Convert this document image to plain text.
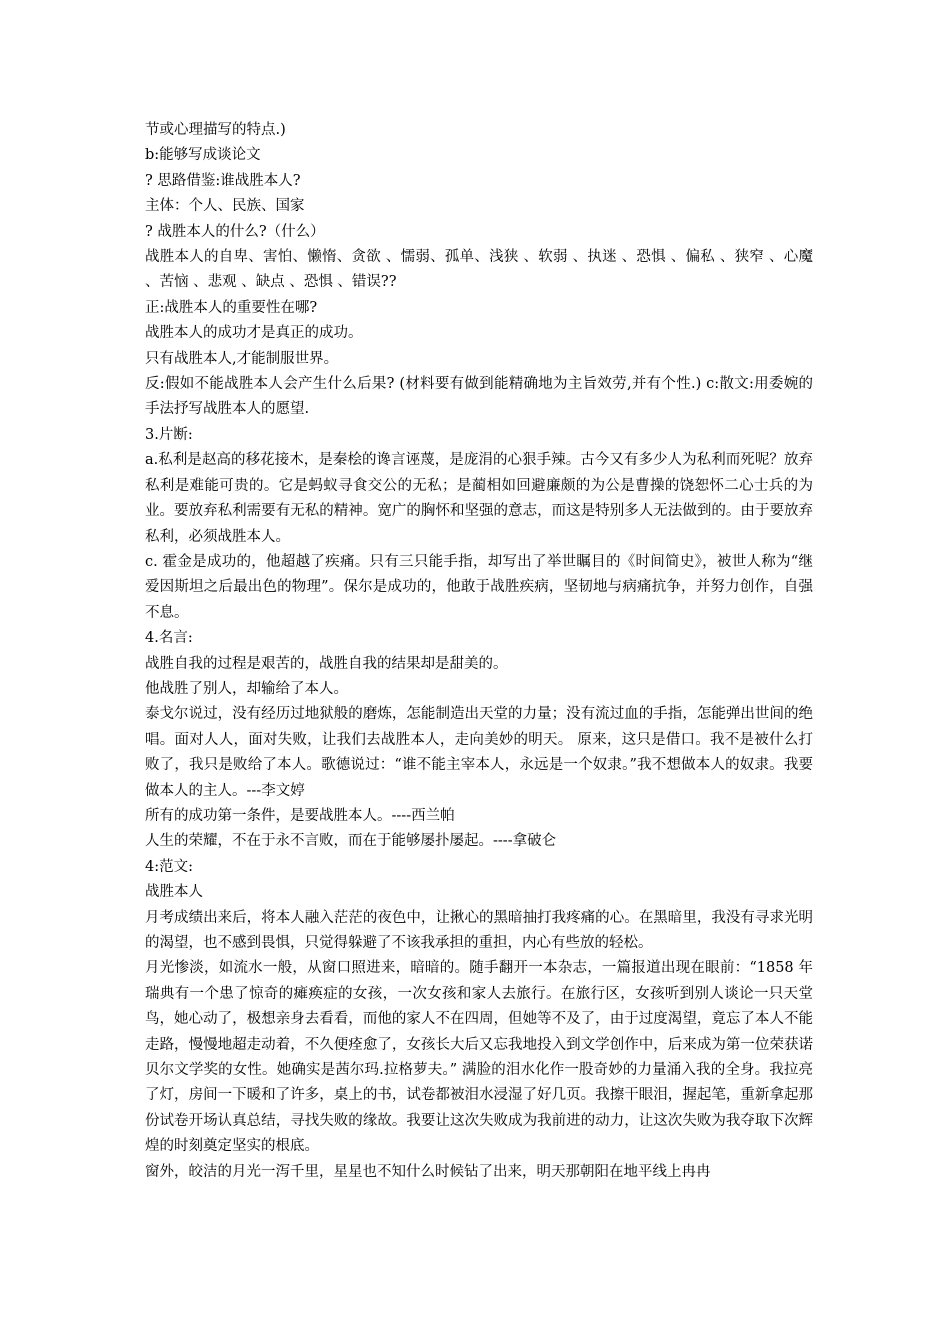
节或心理描写的特点.)

b:能够写成谈论文

? 思路借鉴:谁战胜本人?

主体：个人、民族、国家

? 战胜本人的什么?（什么）

战胜本人的自卑、害怕、懒惰、贪欲 、懦弱、孤单、浅狭 、软弱 、执迷 、恐惧 、偏私 、狭窄 、心魔 、苦恼 、悲观 、缺点 、恐惧 、错误??

正:战胜本人的重要性在哪?

战胜本人的成功才是真正的成功。

只有战胜本人,才能制服世界。

反:假如不能战胜本人会产生什么后果? (材料要有做到能精确地为主旨效劳,并有个性.) c:散文:用委婉的手法抒写战胜本人的愿望.

3.片断:

a.私利是赵高的移花接木，是秦桧的谗言诬蔑，是庞涓的心狠手辣。古今又有多少人为私利而死呢？放弃私利是难能可贵的。它是蚂蚁寻食交公的无私；是蔺相如回避廉颇的为公是曹操的饶恕怀二心士兵的为业。要放弃私利需要有无私的精神。宽广的胸怀和坚强的意志，而这是特别多人无法做到的。由于要放弃私利，必须战胜本人。

c. 霍金是成功的，他超越了疾痛。只有三只能手指，却写出了举世瞩目的《时间简史》，被世人称为“继爱因斯坦之后最出色的物理”。保尔是成功的，他敢于战胜疾病，坚韧地与病痛抗争，并努力创作，自强不息。

4.名言:

战胜自我的过程是艰苦的，战胜自我的结果却是甜美的。

他战胜了别人，却输给了本人。

泰戈尔说过，没有经历过地狱般的磨炼，怎能制造出天堂的力量；没有流过血的手指，怎能弹出世间的绝唱。面对人人，面对失败，让我们去战胜本人，走向美妙的明天。 原来，这只是借口。我不是被什么打败了，我只是败给了本人。歌德说过：“谁不能主宰本人，永远是一个奴隶。”我不想做本人的奴隶。我要做本人的主人。---李文婷

所有的成功第一条件，是要战胜本人。----西兰帕

人生的荣耀，不在于永不言败，而在于能够屡扑屡起。----拿破仑

4:范文:

战胜本人

月考成绩出来后，将本人融入茫茫的夜色中，让揪心的黑暗抽打我疼痛的心。在黑暗里，我没有寻求光明的渴望，也不感到畏惧，只觉得躲避了不该我承担的重担，内心有些放的轻松。

月光惨淡，如流水一般，从窗口照进来，暗暗的。随手翻开一本杂志，一篇报道出现在眼前：“1858 年瑞典有一个患了惊奇的瘫痪症的女孩，一次女孩和家人去旅行。在旅行区，女孩听到别人谈论一只天堂鸟，她心动了，极想亲身去看看，而他的家人不在四周，但她等不及了，由于过度渴望，竟忘了本人不能走路，慢慢地超走动着，不久便痊愈了，女孩长大后又忘我地投入到文学创作中，后来成为第一位荣获诺贝尔文学奖的女性。她确实是茜尔玛.拉格萝夫。” 满脸的泪水化作一股奇妙的力量涌入我的全身。我拉亮了灯，房间一下暖和了许多，桌上的书，试卷都被泪水浸湿了好几页。我擦干眼泪，握起笔，重新拿起那份试卷开场认真总结，寻找失败的缘故。我要让这次失败成为我前进的动力，让这次失败为我夺取下次辉煌的时刻奠定坚实的根底。

窗外，皎洁的月光一泻千里，星星也不知什么时候钻了出来，明天那朝阳在地平线上冉冉
